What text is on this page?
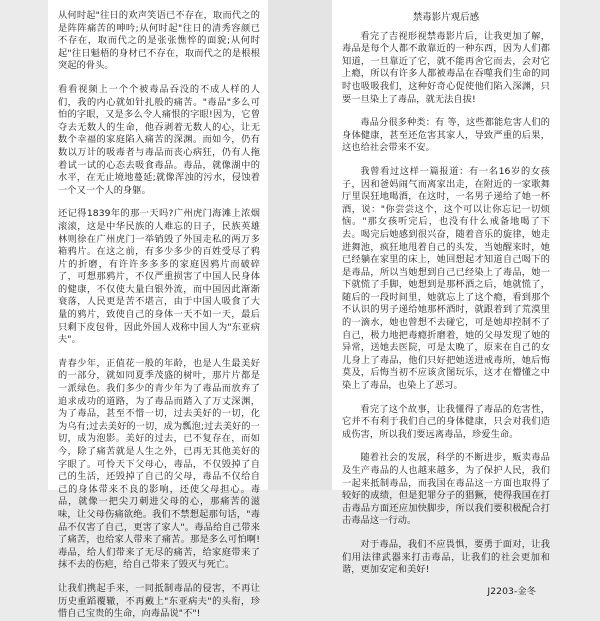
从何时起"往日的欢声笑语已不存在，取而代之的是阵阵痛苦的呻吟;从何时起"往日的清秀容颜已不存在，取而代之的是张张憔悴的面貌;从何时起"往日魁梧的身材已不存在，取而代之的是根根突起的骨头。

看看视频上一个个被毒品吞没的不成人样的人们，我的内心就如针扎般的痛苦。"毒品"多么可怕的字眼，又是多么令人痛恨的字眼!因为，它曾夺去无数人的生命，他吞剥着无数人的心，让无数个幸福的家庭陷入痛苦的深渊。而如今，仍有数以万计的吸毒者与毒品而丧心病狂，仍有人拖着试一试的心态去吸食毒品。毒品，就像湖中的水平，在无止境地蔓延;就像浑浊的污水，侵蚀着一个又一个人的身躯。

还记得1839年的那一天吗?广州虎门海滩上浓烟滚滚，这是中华民族的人难忘的日子，民族英雄林则徐在广州虎门一举销毁了外国走私的两万多箱鸦片。在这之前，有多少多少的百姓受尽了鸦片的折磨，有许许多多多的家庭因鸦片而破碎了，可想那鸦片，不仅严重损害了中国人民身体的健康，不仅使大量白银外流，而中国因此渐渐衰落，人民更是苦不堪言，由于中国人吸食了大量的鸦片，致使自己的身体一天不如一天，最后只剩下皮包骨，因此外国人戏称中国人为"东亚病夫"。

青春少年，正值花一般的年龄，也是人生最美好的一部分，就如同夏季茂盛的树叶，那片片都是一派绿色。我们多少的青少年为了毒品而放弃了追求成功的道路，为了毒品而踏入了万丈深渊，为了毒品，甚至不惜一切，过去美好的一切，化为乌有;过去美好的一切，成为瓢泡;过去美好的一切，成为泡影。美好的过去，已不复存在，而如今，除了痛苦就是人生之外，已再无其他美好的字眼了。可怜天下父母心，毒品，不仅毁掉了自己的生活，还毁掉了自己的父母，毒品不仅给自己的身体带来不良的影响，还使父母担心。毒品，就像一把尖刀刺进父母的心，那痛苦的滋味，让父母伤痛欲绝。我们不禁想起那句话，"毒品不仅害了自己，更害了家人"。毒品给自己带来了痛苦，也给家人带来了痛苦。那是多么可怕啊!毒品，给人们带来了无尽的痛苦，给家庭带来了抹不去的伤疤，给自己带来了毁灭与死亡。

让我们携起手来，一同抵制毒品的侵害，不再让历史重蹈覆辙，不再戴上"东亚病夫"的头衔，珍惜自己宝贵的生命，向毒品说"不"!

禁毒影片观后感

看完了吉视形视禁毒影片后，让我更加了解，毒品是每个人都不敢靠近的一种东西，因为人们都知道，一旦靠近了它，就不能再舍它而去，会对它上瘾，所以有许多人都被毒品在吞噬我们生命的同时也吸吸我们，这种好奇心促使他们陷入深渊，只要一旦染上了毒品，就无法自拔!

毒品分很多种类：有 等，这些都能危害人们的身体健康，甚至还危害其家人，导致严重的后果，这也给社会带来不安。

我曾看过这样一篇报道：有一名16岁的女孩子，因和爸妈闹气而离家出走，在附近的一家歌舞厅里误狂地喝酒，在这时，一名男子递给了她一杯酒，说："你尝尝这个，这个可以让你忘记一切烦恼。"那女孩听完后，也没有什么戒备地喝了下去。喝完后她感到很兴奋，随着音乐的旋律，她走进舞池，疯狂地甩着自己的头发，当她醒来时，她已经躺在家里的床上，她回想起才知道自己喝下的是毒品，所以当她想到自己已经染上了毒品，她一下就慌了手脚，她想到是那杯酒之后，她就慌了，随后的一段时间里，她就忘上了这个瘾，看到那个不认识的男子递给她那杯酒时，就跟着到了荒漠里的一滴水，她也曾想不去碰它，可是她却控制不了自己，极力地把毒瘾折磨着，她的父母发现了她的异常，送她去医院，可是太晚了，原来在自己的女儿身上了毒品，他们只好把她送进戒毒所，她后悔莫及，后悔当初不应该贪图玩乐，这才在懵懂之中染上了毒品，也染上了恶习。

看完了这个故事，让我懂得了毒品的危害性，它并不有利于我们自己的身体健康，只会对我们造成伤害，所以我们要远离毒品，珍爱生命。

随着社会的发展，科学的不断进步，贩卖毒品及生产毒品的人也越来越多，为了保护人民，我们一起来抵制毒品，而我国在毒品这一方面也取得了较好的成绩，但是犯罪分子的猖獗，使得我国在打击毒品方面还应加快脚步，所以我们要积极配合打击毒品这一行动。

对于毒品，我们不应畏惧，要勇于面对，让我们用法律武器来打击毒品，让我们的社会更加和谐，更加安定和美好!

J2203-金冬
